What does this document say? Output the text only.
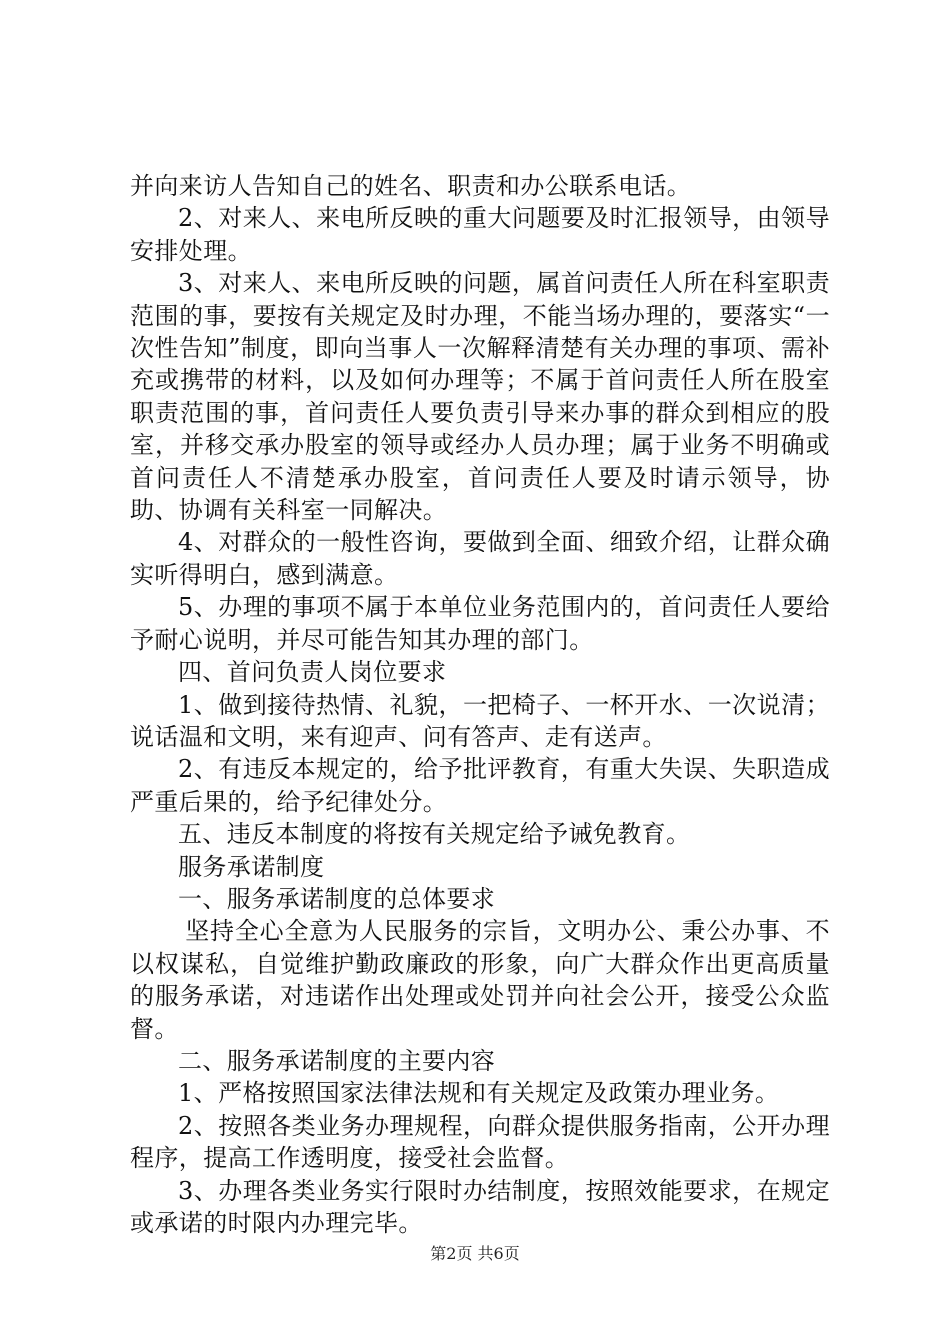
并向来访人告知自己的姓名、职责和办公联系电话。

2、对来人、来电所反映的重大问题要及时汇报领导，由领导安排处理。

3、对来人、来电所反映的问题，属首问责任人所在科室职责范围的事，要按有关规定及时办理，不能当场办理的，要落实“一次性告知”制度，即向当事人一次解释清楚有关办理的事项、需补充或携带的材料，以及如何办理等；不属于首问责任人所在股室职责范围的事，首问责任人要负责引导来办事的群众到相应的股室，并移交承办股室的领导或经办人员办理；属于业务不明确或首问责任人不清楚承办股室，首问责任人要及时请示领导，协助、协调有关科室一同解决。

4、对群众的一般性咨询，要做到全面、细致介绍，让群众确实听得明白，感到满意。

5、办理的事项不属于本单位业务范围内的，首问责任人要给予耐心说明，并尽可能告知其办理的部门。

四、首问负责人岗位要求

1、做到接待热情、礼貌，一把椅子、一杯开水、一次说清；说话温和文明，来有迎声、问有答声、走有送声。

2、有违反本规定的，给予批评教育，有重大失误、失职造成严重后果的，给予纪律处分。

五、违反本制度的将按有关规定给予诫免教育。

服务承诺制度

一、服务承诺制度的总体要求

坚持全心全意为人民服务的宗旨，文明办公、秉公办事、不以权谋私，自觉维护勤政廉政的形象，向广大群众作出更高质量的服务承诺，对违诺作出处理或处罚并向社会公开，接受公众监督。

二、服务承诺制度的主要内容

1、严格按照国家法律法规和有关规定及政策办理业务。

2、按照各类业务办理规程，向群众提供服务指南，公开办理程序，提高工作透明度，接受社会监督。

3、办理各类业务实行限时办结制度，按照效能要求，在规定或承诺的时限内办理完毕。

第2页 共6页
